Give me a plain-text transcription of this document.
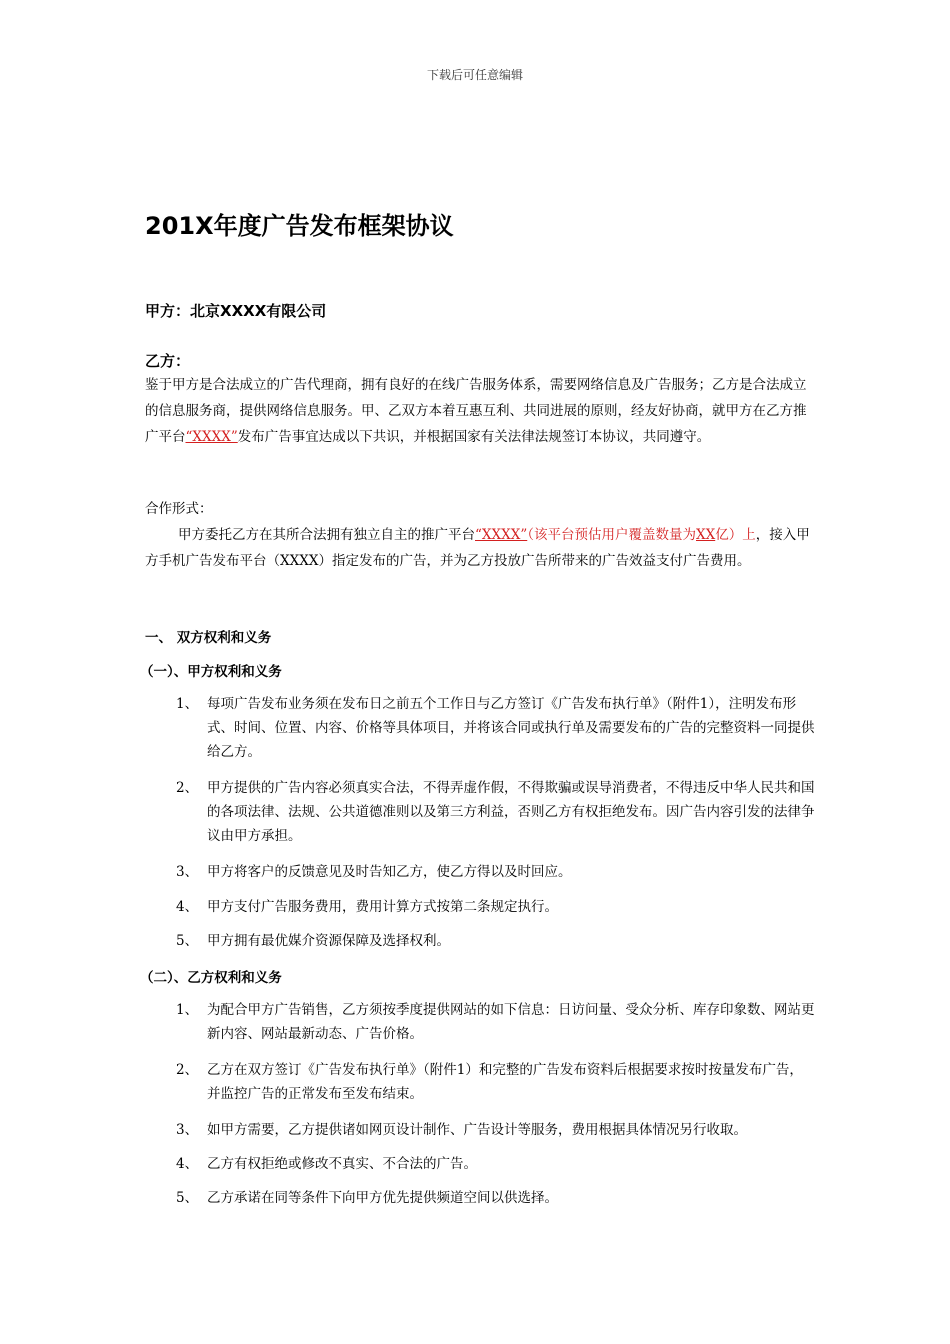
下载后可任意编辑
201X年度广告发布框架协议
甲方：北京XXXX有限公司
乙方：
鉴于甲方是合法成立的广告代理商，拥有良好的在线广告服务体系，需要网络信息及广告服务；乙方是合法成立的信息服务商，提供网络信息服务。甲、乙双方本着互惠互利、共同进展的原则，经友好协商，就甲方在乙方推广平台“XXXX”发布广告事宜达成以下共识，并根据国家有关法律法规签订本协议，共同遵守。
合作形式：
甲方委托乙方在其所合法拥有独立自主的推广平台“XXXX”（该平台预估用户覆盖数量为XX亿）上，接入甲方手机广告发布平台（XXXX）指定发布的广告，并为乙方投放广告所带来的广告效益支付广告费用。
一、 双方权利和义务
（一）、甲方权利和义务
1、 每项广告发布业务须在发布日之前五个工作日与乙方签订《广告发布执行单》（附件1），注明发布形式、时间、位置、内容、价格等具体项目，并将该合同或执行单及需要发布的广告的完整资料一同提供给乙方。
2、 甲方提供的广告内容必须真实合法，不得弄虚作假，不得欺骗或误导消费者，不得违反中华人民共和国的各项法律、法规、公共道德准则以及第三方利益，否则乙方有权拒绝发布。因广告内容引发的法律争议由甲方承担。
3、 甲方将客户的反馈意见及时告知乙方，使乙方得以及时回应。
4、 甲方支付广告服务费用，费用计算方式按第二条规定执行。
5、 甲方拥有最优媒介资源保障及选择权利。
（二）、乙方权利和义务
1、 为配合甲方广告销售，乙方须按季度提供网站的如下信息：日访问量、受众分析、库存印象数、网站更新内容、网站最新动态、广告价格。
2、 乙方在双方签订《广告发布执行单》（附件1）和完整的广告发布资料后根据要求按时按量发布广告，并监控广告的正常发布至发布结束。
3、 如甲方需要，乙方提供诸如网页设计制作、广告设计等服务，费用根据具体情况另行收取。
4、 乙方有权拒绝或修改不真实、不合法的广告。
5、 乙方承诺在同等条件下向甲方优先提供频道空间以供选择。
